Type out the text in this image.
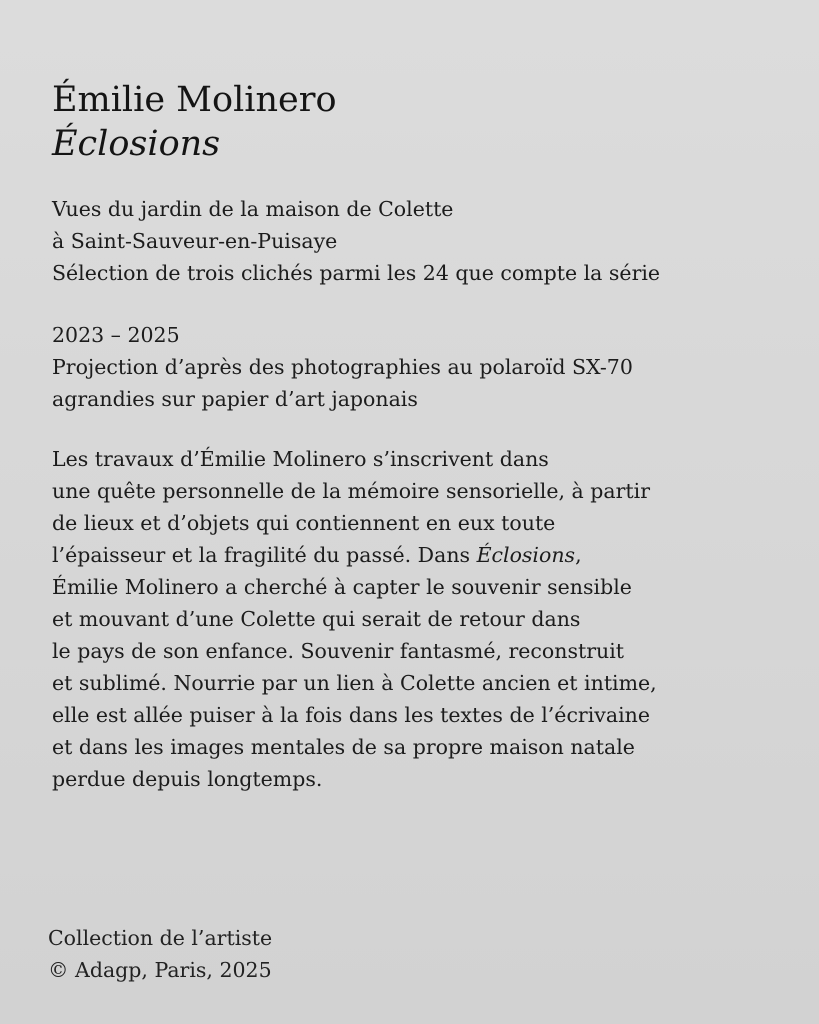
Émilie Molinero
Éclosions

Vues du jardin de la maison de Colette

à Saint-Sauveur-en-Puisaye

Sélection de trois clichés parmi les 24 que compte la série

2023 – 2025

Projection d’après des photographies au polaroïd SX-70

agrandies sur papier d’art japonais

Les travaux d’Émilie Molinero s’inscrivent dans

une quête personnelle de la mémoire sensorielle, à partir

de lieux et d’objets qui contiennent en eux toute

l’épaisseur et la fragilité du passé. Dans Éclosions,

Émilie Molinero a cherché à capter le souvenir sensible

et mouvant d’une Colette qui serait de retour dans

le pays de son enfance. Souvenir fantasmé, reconstruit

et sublimé. Nourrie par un lien à Colette ancien et intime,

elle est allée puiser à la fois dans les textes de l’écrivaine

et dans les images mentales de sa propre maison natale

perdue depuis longtemps.

Collection de l’artiste

© Adagp, Paris, 2025
